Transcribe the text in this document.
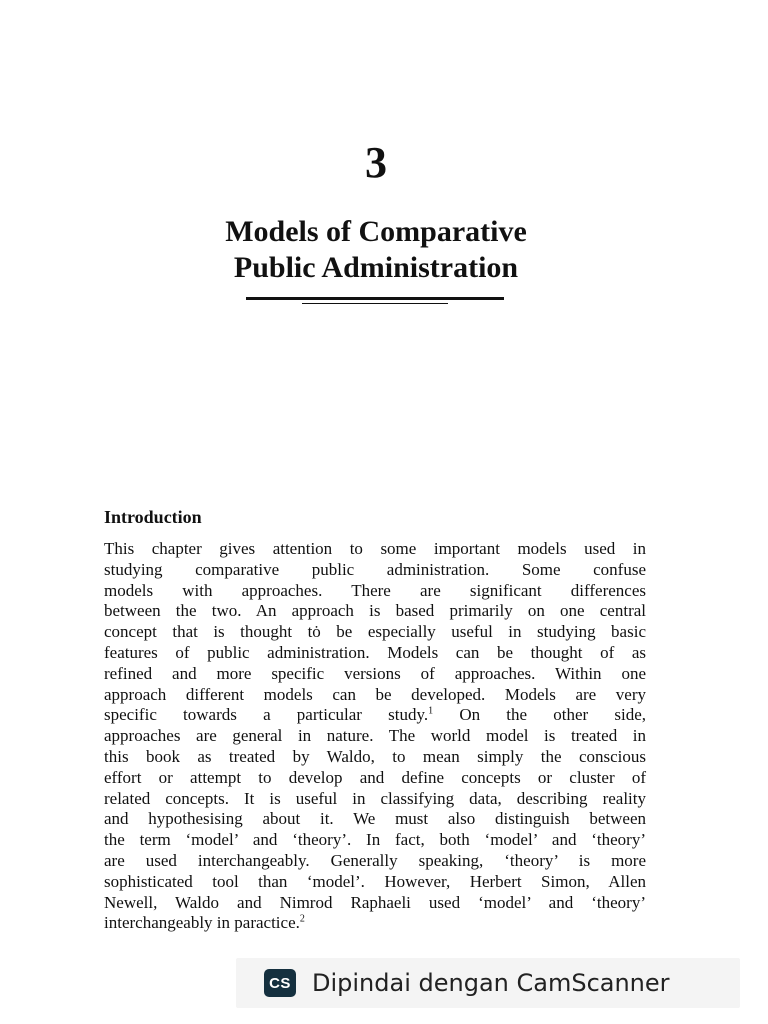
3
Models of Comparative
Public Administration
Introduction
This chapter gives attention to some important models used in
studying comparative public administration. Some confuse
models with approaches. There are significant differences
between the two. An approach is based primarily on one central
concept that is thought tȯ be especially useful in studying basic
features of public administration. Models can be thought of as
refined and more specific versions of approaches. Within one
approach different models can be developed. Models are very
specific towards a particular study.$^1$ On the other side,
approaches are general in nature. The world model is treated in
this book as treated by Waldo, to mean simply the conscious
effort or attempt to develop and define concepts or cluster of
related concepts. It is useful in classifying data, describing reality
and hypothesising about it. We must also distinguish between
the term ‘model’ and ‘theory’. In fact, both ‘model’ and ‘theory’
are used interchangeably. Generally speaking, ‘theory’ is more
sophisticated tool than ‘model’. However, Herbert Simon, Allen
Newell, Waldo and Nimrod Raphaeli used ‘model’ and ‘theory’
interchangeably in paractice.$^2$
CS Dipindai dengan CamScanner
